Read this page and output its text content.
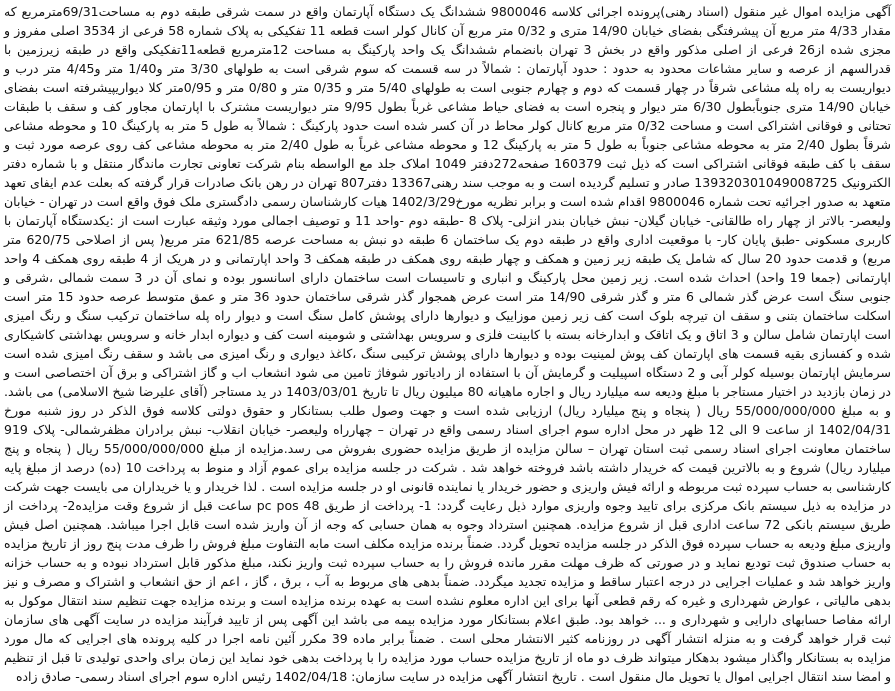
آگهی مزایده اموال غیر منقول (اسناد رهنی)پرونده اجرائی کلاسه 9800046 ششدانگ یک دستگاه آپارتمان واقع در سمت شرقی طبقه دوم به مساحت69/31مترمربع که مقدار 4/33 متر مربع آن پیشرفتگی بفضای خیابان 14/90 متری و 0/32 متر مربع آن کانال کولر است قطعه 11 تفکیکی به پلاک شماره 58 فرعی از 3534 اصلی مفروز و مجزی شده از26 فرعی از اصلی مذکور واقع در بخش 3 تهران بانضمام ششدانگ یک واحد پارکینگ به مساحت 12مترمربع قطعه11تفکیکی واقع در طبقه زیرزمین با قدرالسهم از عرصه و سایر مشاعات محدود به حدود : حدود آپارتمان : شمالاً در سه قسمت که سوم شرقی است به طولهای 3/30 متر و1/40 متر و4/45 متر درب و دیواریست به راه پله مشاعی شرقاً در چهار قسمت که دوم و چهارم جنوبی است به طولهای 5/40 متر و 0/35 متر و 0/80 متر و 0/95متر کلا دیواریپیشرفته است بفضای خیابان 14/90 متری جنوباًبطول 6/30 متر دیوار و پنجره است به فضای حیاط مشاعی غرباً بطول 9/95 متر دیواریست مشترک با اپارتمان مجاور کف و سقف با طبقات تحتانی و فوقانی اشتراکی است و مساحت 0/32 متر مربع کانال کولر محاط در آن کسر شده است حدود پارکینگ : شمالاً به طول 5 متر به پارکینگ 10 و محوطه مشاعی شرقاً بطول 2/40 متر به محوطه مشاعی جنوباً به طول 5 متر به پارکینگ 12 و محوطه مشاعی غرباً به طول 2/40 متر به محوطه مشاعی کف روی عرصه مورد ثبت و سقف با کف طبقه فوقانی اشتراکی است که ذیل ثبت 160379 صفحه272دفتر 1049 املاک جلد مع الواسطه بنام شرکت تعاونی تجارت ماندگار منتقل و با شماره دفتر الکترونیک 139320301049008725 صادر و تسلیم گردیده است و به موجب سند رهنی13367 دفتر807 تهران در رهن بانک صادرات قرار گرفته که بعلت عدم ایفای تعهد متعهد به صدور اجرائیه تحت شماره 9800046 اقدام شده است و برابر نظریه مورخ1402/3/29 هیات کارشناسان رسمی دادگستری ملک فوق واقع است در تهران - خیابان ولیعصر- بالاتر از چهار راه طالقانی- خیابان گیلان- نبش خیابان بندر انزلی- پلاک 8 -طبقه دوم -واحد 11 و توصیف اجمالی مورد وثیقه عبارت است از :یکدستگاه آپارتمان با کاربری مسکونی -طبق پایان کار- با موقعیت اداری واقع در طبقه دوم یک ساختمان 6 طبقه دو نبش به مساحت عرصه 621/85 متر مربع( پس از اصلاحی 620/75 متر مربع) و قدمت حدود 20 سال که شامل یک طبقه زیر زمین و همکف و چهار طبقه روی همکف در طبقه همکف 3 واحد اپارتمانی و در هریک از 4 طبقه روی همکف 4 واحد اپارتمانی (جمعا 19 واحد) احداث شده است. زیر زمین محل پارکینگ و انباری و تاسیسات است ساختمان دارای اسانسور بوده و نمای آن در 3 سمت شمالی ،شرقی و جنوبی سنگ است عرض گذر شمالی 6 متر و گذر شرقی 14/90 متر است عرض همجوار گذر شرقی ساختمان حدود 36 متر و عمق متوسط عرصه حدود 15 متر است اسکلت ساختمان بتنی و سقف ان تیرچه بلوک است کف زیر زمین موزاییک و دیوارها دارای پوشش کامل سنگ است و دیوار راه پله ساختمان ترکیب سنگ و رنگ امیزی است اپارتمان شامل سالن و 3 اتاق و یک اتاقک و ابدارخانه بسته با کابینت فلزی و سرویس بهداشتی و شومینه است کف و دیواره ابدار خانه و سرویس بهداشتی کاشیکاری شده و کفسازی بقیه قسمت های اپارتمان کف پوش لمینیت بوده و دیوارها دارای پوشش ترکیبی سنگ ،کاغذ دیواری و رنگ امیزی می باشد و سقف رنگ امیزی شده است سرمایش اپارتمان بوسیله کولر آبی و 2 دستگاه اسپیلیت و گرمایش آن با استفاده از رادیاتور شوفاژ تامین می شود انشعاب اب و گاز اشتراکی و برق آن اختصاصی است و در زمان بازدید در اختیار مستاجر با مبلغ ودیعه سه میلیارد ریال و اجاره ماهیانه 80 میلیون ریال تا تاریخ 1403/03/01 در ید مستاجر (آقای علیرضا شیخ الاسلامی) می باشد. و به مبلغ 55/000/000/000 ریال ( پنجاه و پنج میلیارد ریال) ارزیابی شده است و جهت وصول طلب بستانکار و حقوق دولتی کلاسه فوق الذکر در روز شنبه مورخ 1402/04/31 از ساعت 9 الی 12 ظهر در محل اداره سوم اجرای اسناد رسمی واقع در تهران – چهارراه ولیعصر- خیابان انقلاب- نبش برادران مظفرشمالی- پلاک 919 ساختمان معاونت اجرای اسناد رسمی ثبت استان تهران – سالن مزایده از طریق مزایده حضوری بفروش می رسد.مزایده از مبلغ 55/000/000/000 ریال ( پنجاه و پنج میلیارد ریال) شروع و به بالاترین قیمت که خریدار داشته باشد فروخته خواهد شد . شرکت در جلسه مزایده برای عموم آزاد و منوط به پرداخت 10 (ده) درصد از مبلغ پایه کارشناسی به حساب سپرده ثبت مربوطه و ارائه فیش واریزی و حضور خریدار یا نماینده قانونی او در جلسه مزایده است . لذا خریدار و یا خریداران می بایست جهت شرکت در مزایده به ذیل سیستم بانک مرکزی برای تایید وجوه واریزی موارد ذیل رعایت گردد: 1- پرداخت از طریق pc pos 48 ساعت قبل از شروع وقت مزایده2- پرداخت از طریق سیستم بانکی 72 ساعت اداری قبل از شروع مزایده. همچنین استرداد وجوه به همان حسابی که وجه از آن واریز شده است قابل اجرا میباشد. همچنین اصل فیش واریزی مبلغ ودیعه به حساب سپرده فوق الذکر در جلسه مزایده تحویل گردد. ضمناً برنده مزایده مکلف است مابه التفاوت مبلغ فروش را ظرف مدت پنج روز از تاریخ مزایده به حساب صندوق ثبت تودیع نماید و در صورتی که ظرف مهلت مقرر مانده فروش را به حساب سپرده ثبت واریز نکند، مبلغ مذکور قابل استرداد نبوده و به حساب خزانه واریز خواهد شد و عملیات اجرایی در درجه اعتبار ساقط و مزایده تجدید میگردد. ضمناً بدهی های مربوط به آب ، برق ، گاز ، اعم از حق انشعاب و اشتراک و مصرف و نیز بدهی مالیاتی ، عوارض شهرداری و غیره که رقم قطعی آنها برای این اداره معلوم نشده است به عهده برنده مزایده است و برنده مزایده جهت تنظیم سند انتقال موکول به ارائه مفاصا حسابهای دارایی و شهرداری و ... خواهد بود. طبق اعلام بستانکار مورد مزایده بیمه می باشد این آگهی پس از تایید فرآیند مزایده در سایت آگهی های سازمان ثبت قرار خواهد گرفت و به منزله انتشار آگهی در روزنامه کثیر الانتشار محلی است . ضمناً برابر ماده 39 مکرر آئین نامه اجرا در کلیه پرونده های اجرایی که مال مورد مزایده به بستانکار واگذار میشود بدهکار میتواند ظرف دو ماه از تاریخ مزایده حساب مورد مزایده را با پرداخت بدهی خود نماید این زمان برای واحدی تولیدی تا قبل از تنظیم و امضا سند انتقال اجرایی اموال یا تحویل مال منقول است . تاریخ انتشار آگهی مزایده در سایت سازمان: 1402/04/18 رئیس اداره سوم اجرای اسناد رسمی- صادق زاده
